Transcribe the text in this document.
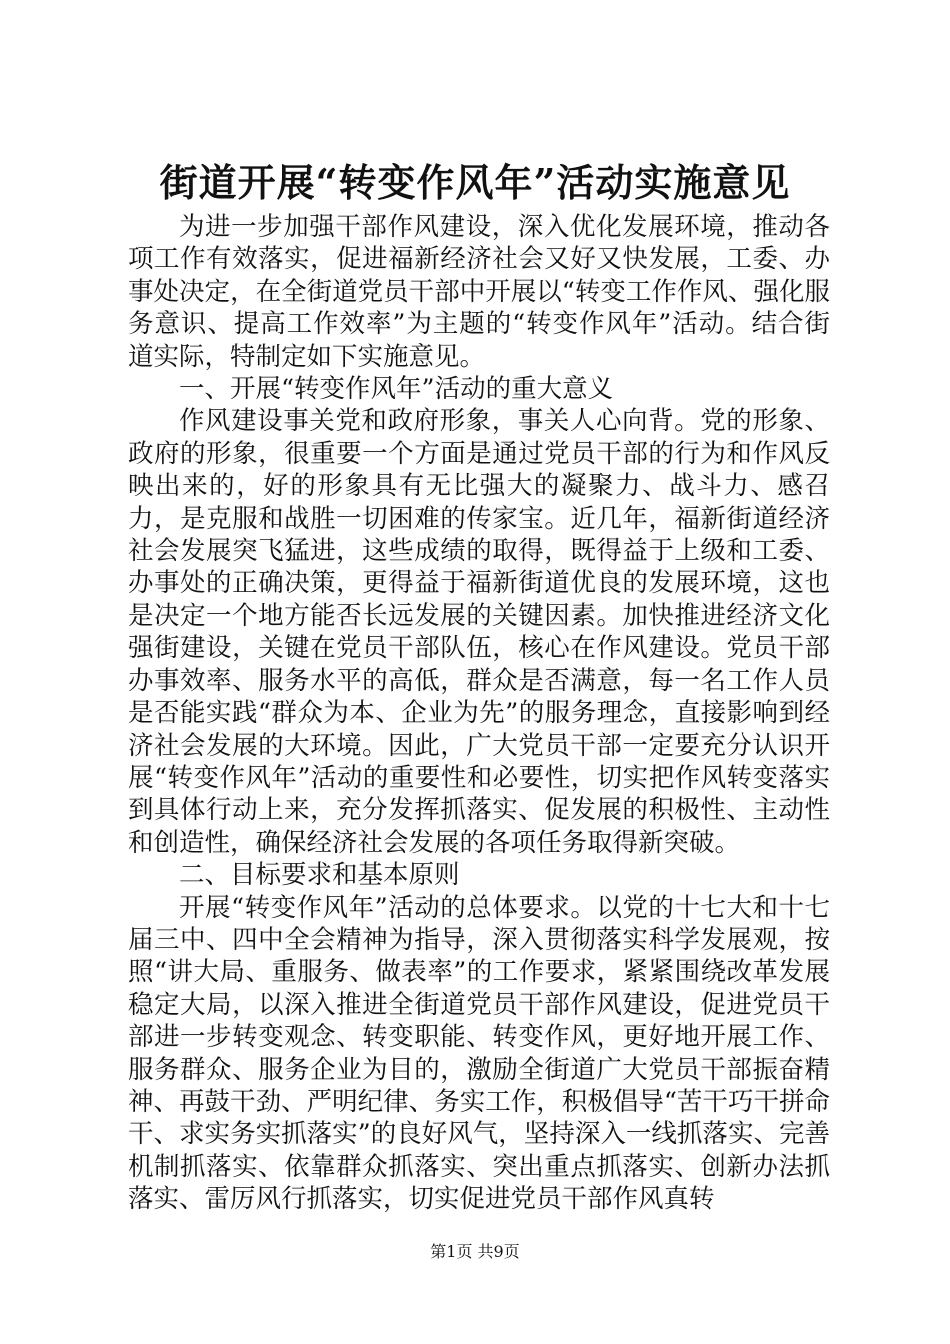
街道开展“转变作风年”活动实施意见

为进一步加强干部作风建设，深入优化发展环境，推动各项工作有效落实，促进福新经济社会又好又快发展，工委、办事处决定，在全街道党员干部中开展以“转变工作作风、强化服务意识、提高工作效率”为主题的“转变作风年”活动。结合街道实际，特制定如下实施意见。

一、开展“转变作风年”活动的重大意义

作风建设事关党和政府形象，事关人心向背。党的形象、政府的形象，很重要一个方面是通过党员干部的行为和作风反映出来的，好的形象具有无比强大的凝聚力、战斗力、感召力，是克服和战胜一切困难的传家宝。近几年，福新街道经济社会发展突飞猛进，这些成绩的取得，既得益于上级和工委、办事处的正确决策，更得益于福新街道优良的发展环境，这也是决定一个地方能否长远发展的关键因素。加快推进经济文化强街建设，关键在党员干部队伍，核心在作风建设。党员干部办事效率、服务水平的高低，群众是否满意，每一名工作人员是否能实践“群众为本、企业为先”的服务理念，直接影响到经济社会发展的大环境。因此，广大党员干部一定要充分认识开展“转变作风年”活动的重要性和必要性，切实把作风转变落实到具体行动上来，充分发挥抓落实、促发展的积极性、主动性和创造性，确保经济社会发展的各项任务取得新突破。

二、目标要求和基本原则

开展“转变作风年”活动的总体要求。以党的十七大和十七届三中、四中全会精神为指导，深入贯彻落实科学发展观，按照“讲大局、重服务、做表率”的工作要求，紧紧围绕改革发展稳定大局，以深入推进全街道党员干部作风建设，促进党员干部进一步转变观念、转变职能、转变作风，更好地开展工作、服务群众、服务企业为目的，激励全街道广大党员干部振奋精神、再鼓干劲、严明纪律、务实工作，积极倡导“苦干巧干拼命干、求实务实抓落实”的良好风气，坚持深入一线抓落实、完善机制抓落实、依靠群众抓落实、突出重点抓落实、创新办法抓落实、雷厉风行抓落实，切实促进党员干部作风真转

第1页 共9页
